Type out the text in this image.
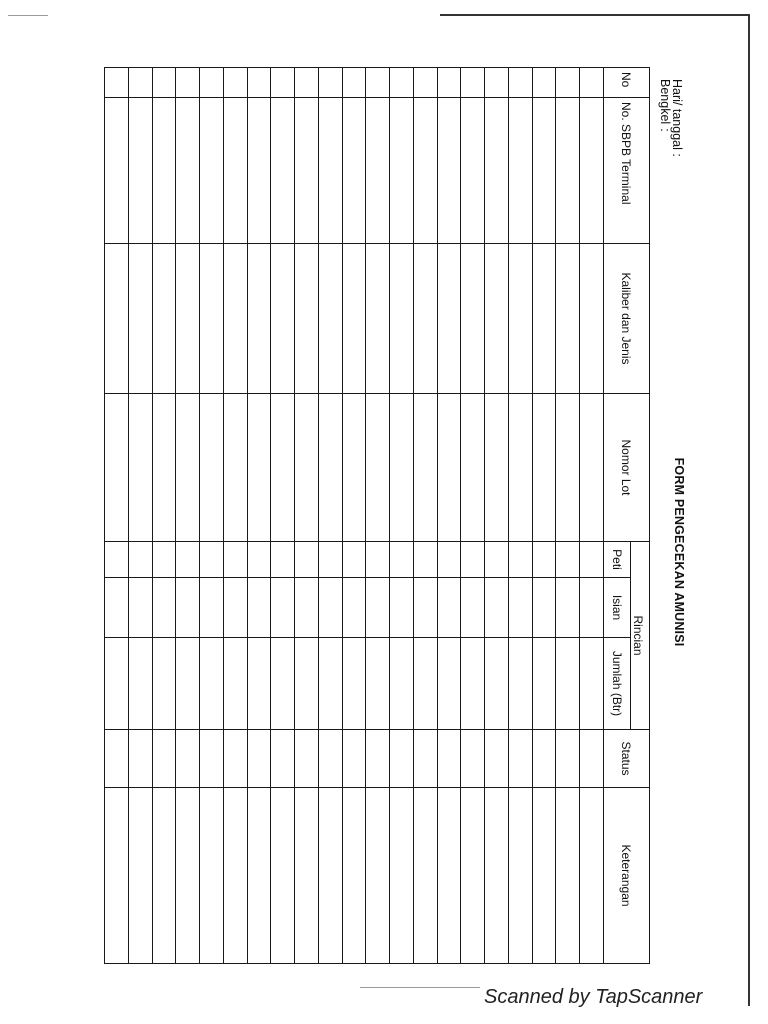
FORM PENGECEKAN AMUNISI
Hari/ tanggal :
Bengkel:
No	No. SBPB Terminal	Kaliber dan Jenis	Nomor Lot	Rincian			Status	Keterangan
				Peti	Isian	Jumlah (Btr)		

Scanned by TapScanner
